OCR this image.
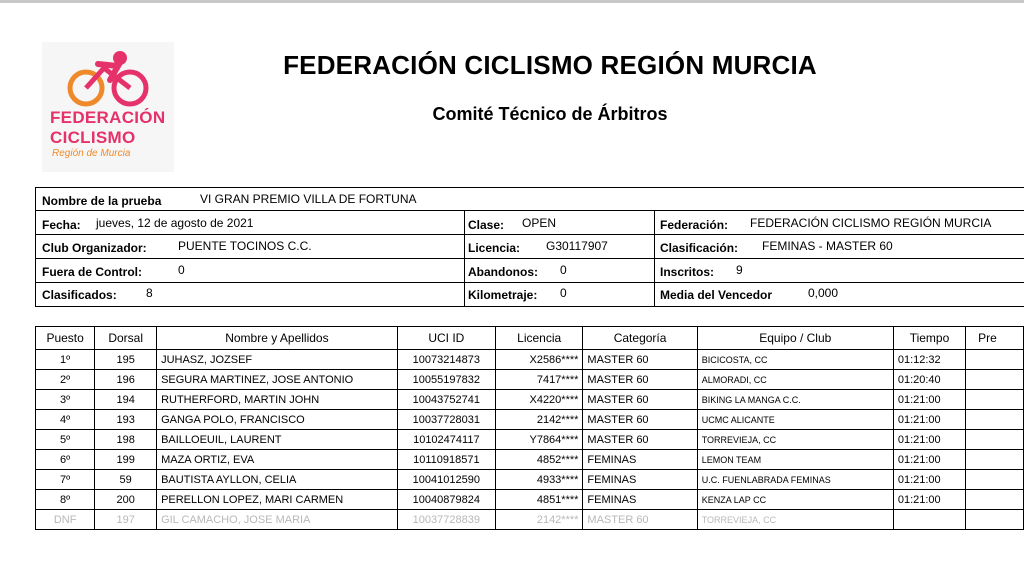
FEDERACIÓN
CICLISMO
Región de Murcia
FEDERACIÓN CICLISMO REGIÓN MURCIA
Comité Técnico de Árbitros
Nombre de la prueba	VI GRAN PREMIO VILLA DE FORTUNA
Fecha: jueves, 12 de agosto de 2021	Clase: OPEN	Federación: FEDERACIÓN CICLISMO REGIÓN MURCIA
Club Organizador:	PUENTE TOCINOS C.C.	Licencia: G30117907	Clasificación: FEMINAS - MASTER 60
Fuera de Control:	0	Abandonos: 0	Inscritos: 9
Clasificados: 8	Kilometraje: 0	Media del Vencedor	0,000
Puesto	Dorsal	Nombre y Apellidos	UCI ID	Licencia	Categoría	Equipo / Club	Tiempo	Pre
1º	195	JUHASZ, JOZSEF	10073214873	X2586****	MASTER 60	BICICOSTA, CC	01:12:32	
2º	196	SEGURA MARTINEZ, JOSE ANTONIO	10055197832	7417****	MASTER 60	ALMORADI, CC	01:20:40	
3º	194	RUTHERFORD, MARTIN JOHN	10043752741	X4220****	MASTER 60	BIKING LA MANGA C.C.	01:21:00	
4º	193	GANGA POLO, FRANCISCO	10037728031	2142****	MASTER 60	UCMC ALICANTE	01:21:00	
5º	198	BAILLOEUIL, LAURENT	10102474117	Y7864****	MASTER 60	TORREVIEJA, CC	01:21:00	
6º	199	MAZA ORTIZ, EVA	10110918571	4852****	FEMINAS	LEMON TEAM	01:21:00	
7º	59	BAUTISTA AYLLON, CELIA	10041012590	4933****	FEMINAS	U.C. FUENLABRADA FEMINAS	01:21:00	
8º	200	PERELLON LOPEZ, MARI CARMEN	10040879824	4851****	FEMINAS	KENZA LAP CC	01:21:00	
DNF	197	GIL CAMACHO, JOSE MARIA	10037728839	2142****	MASTER 60	TORREVIEJA, CC		
